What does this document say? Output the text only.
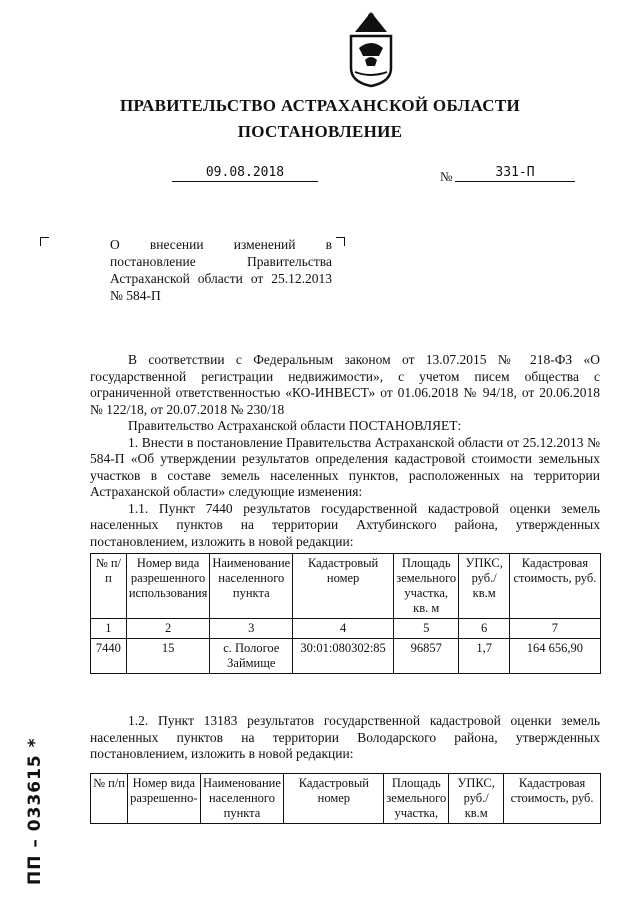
ПРАВИТЕЛЬСТВО АСТРАХАНСКОЙ ОБЛАСТИ
ПОСТАНОВЛЕНИЕ
09.08.2018	№	331-П
О внесении изменений в постановление Правительства Астраханской области от 25.12.2013 № 584-П
В соответствии с Федеральным законом от 13.07.2015 № 218-ФЗ «О государственной регистрации недвижимости», с учетом писем общества с ограниченной ответственностью «КО-ИНВЕСТ» от 01.06.2018 № 94/18, от 20.06.2018 № 122/18, от 20.07.2018 № 230/18
Правительство Астраханской области ПОСТАНОВЛЯЕТ:
1. Внести в постановление Правительства Астраханской области от 25.12.2013 № 584-П «Об утверждении результатов определения кадастровой стоимости земельных участков в составе земель населенных пунктов, расположенных на территории Астраханской области» следующие изменения:
1.1. Пункт 7440 результатов государственной кадастровой оценки земель населенных пунктов на территории Ахтубинского района, утвержденных постановлением, изложить в новой редакции:
№ п/п	Номер вида разрешенного использования	Наименование населенного пункта	Кадастровый номер	Площадь земельного участка, кв. м	УПКС, руб./ кв.м	Кадастровая стоимость, руб.
1	2	3	4	5	6	7
7440	15	с. Пологое Займище	30:01:080302:85	96857	1,7	164 656,90
1.2. Пункт 13183 результатов государственной кадастровой оценки земель населенных пунктов на территории Володарского района, утвержденных постановлением, изложить в новой редакции:
№ п/п	Номер вида разрешенно-	Наименование населенного пункта	Кадастровый номер	Площадь земельного участка,	УПКС, руб./ кв.м	Кадастровая стоимость, руб.
ПП – 033615 *
